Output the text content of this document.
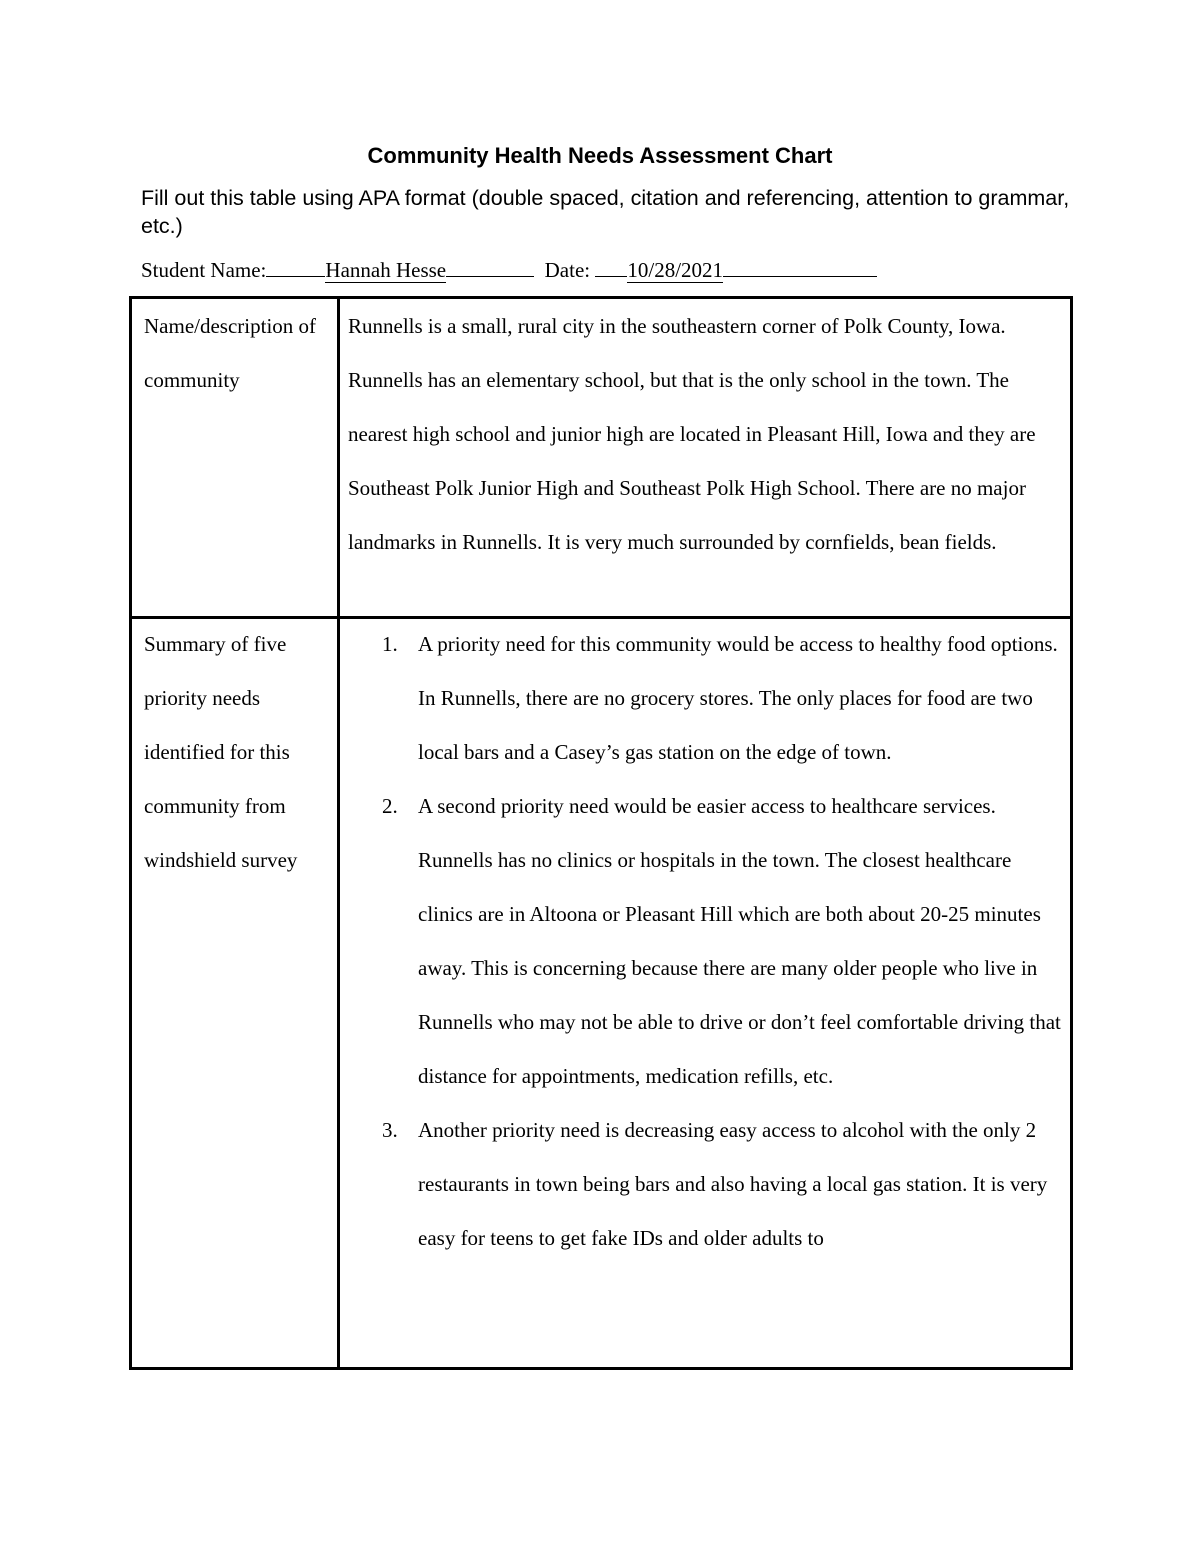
Community Health Needs Assessment Chart
Fill out this table using APA format (double spaced, citation and referencing, attention to grammar, etc.)
Student Name:	Hannah Hesse	Date: 10/28/2021
Name/description of community
Runnells is a small, rural city in the southeastern corner of Polk County, Iowa. Runnells has an elementary school, but that is the only school in the town. The nearest high school and junior high are located in Pleasant Hill, Iowa and they are Southeast Polk Junior High and Southeast Polk High School. There are no major landmarks in Runnells. It is very much surrounded by cornfields, bean fields.
Summary of five priority needs identified for this community from windshield survey
1. A priority need for this community would be access to healthy food options. In Runnells, there are no grocery stores. The only places for food are two local bars and a Casey’s gas station on the edge of town.
2. A second priority need would be easier access to healthcare services. Runnells has no clinics or hospitals in the town. The closest healthcare clinics are in Altoona or Pleasant Hill which are both about 20-25 minutes away. This is concerning because there are many older people who live in Runnells who may not be able to drive or don’t feel comfortable driving that distance for appointments, medication refills, etc.
3. Another priority need is decreasing easy access to alcohol with the only 2 restaurants in town being bars and also having a local gas station. It is very easy for teens to get fake IDs and older adults to
